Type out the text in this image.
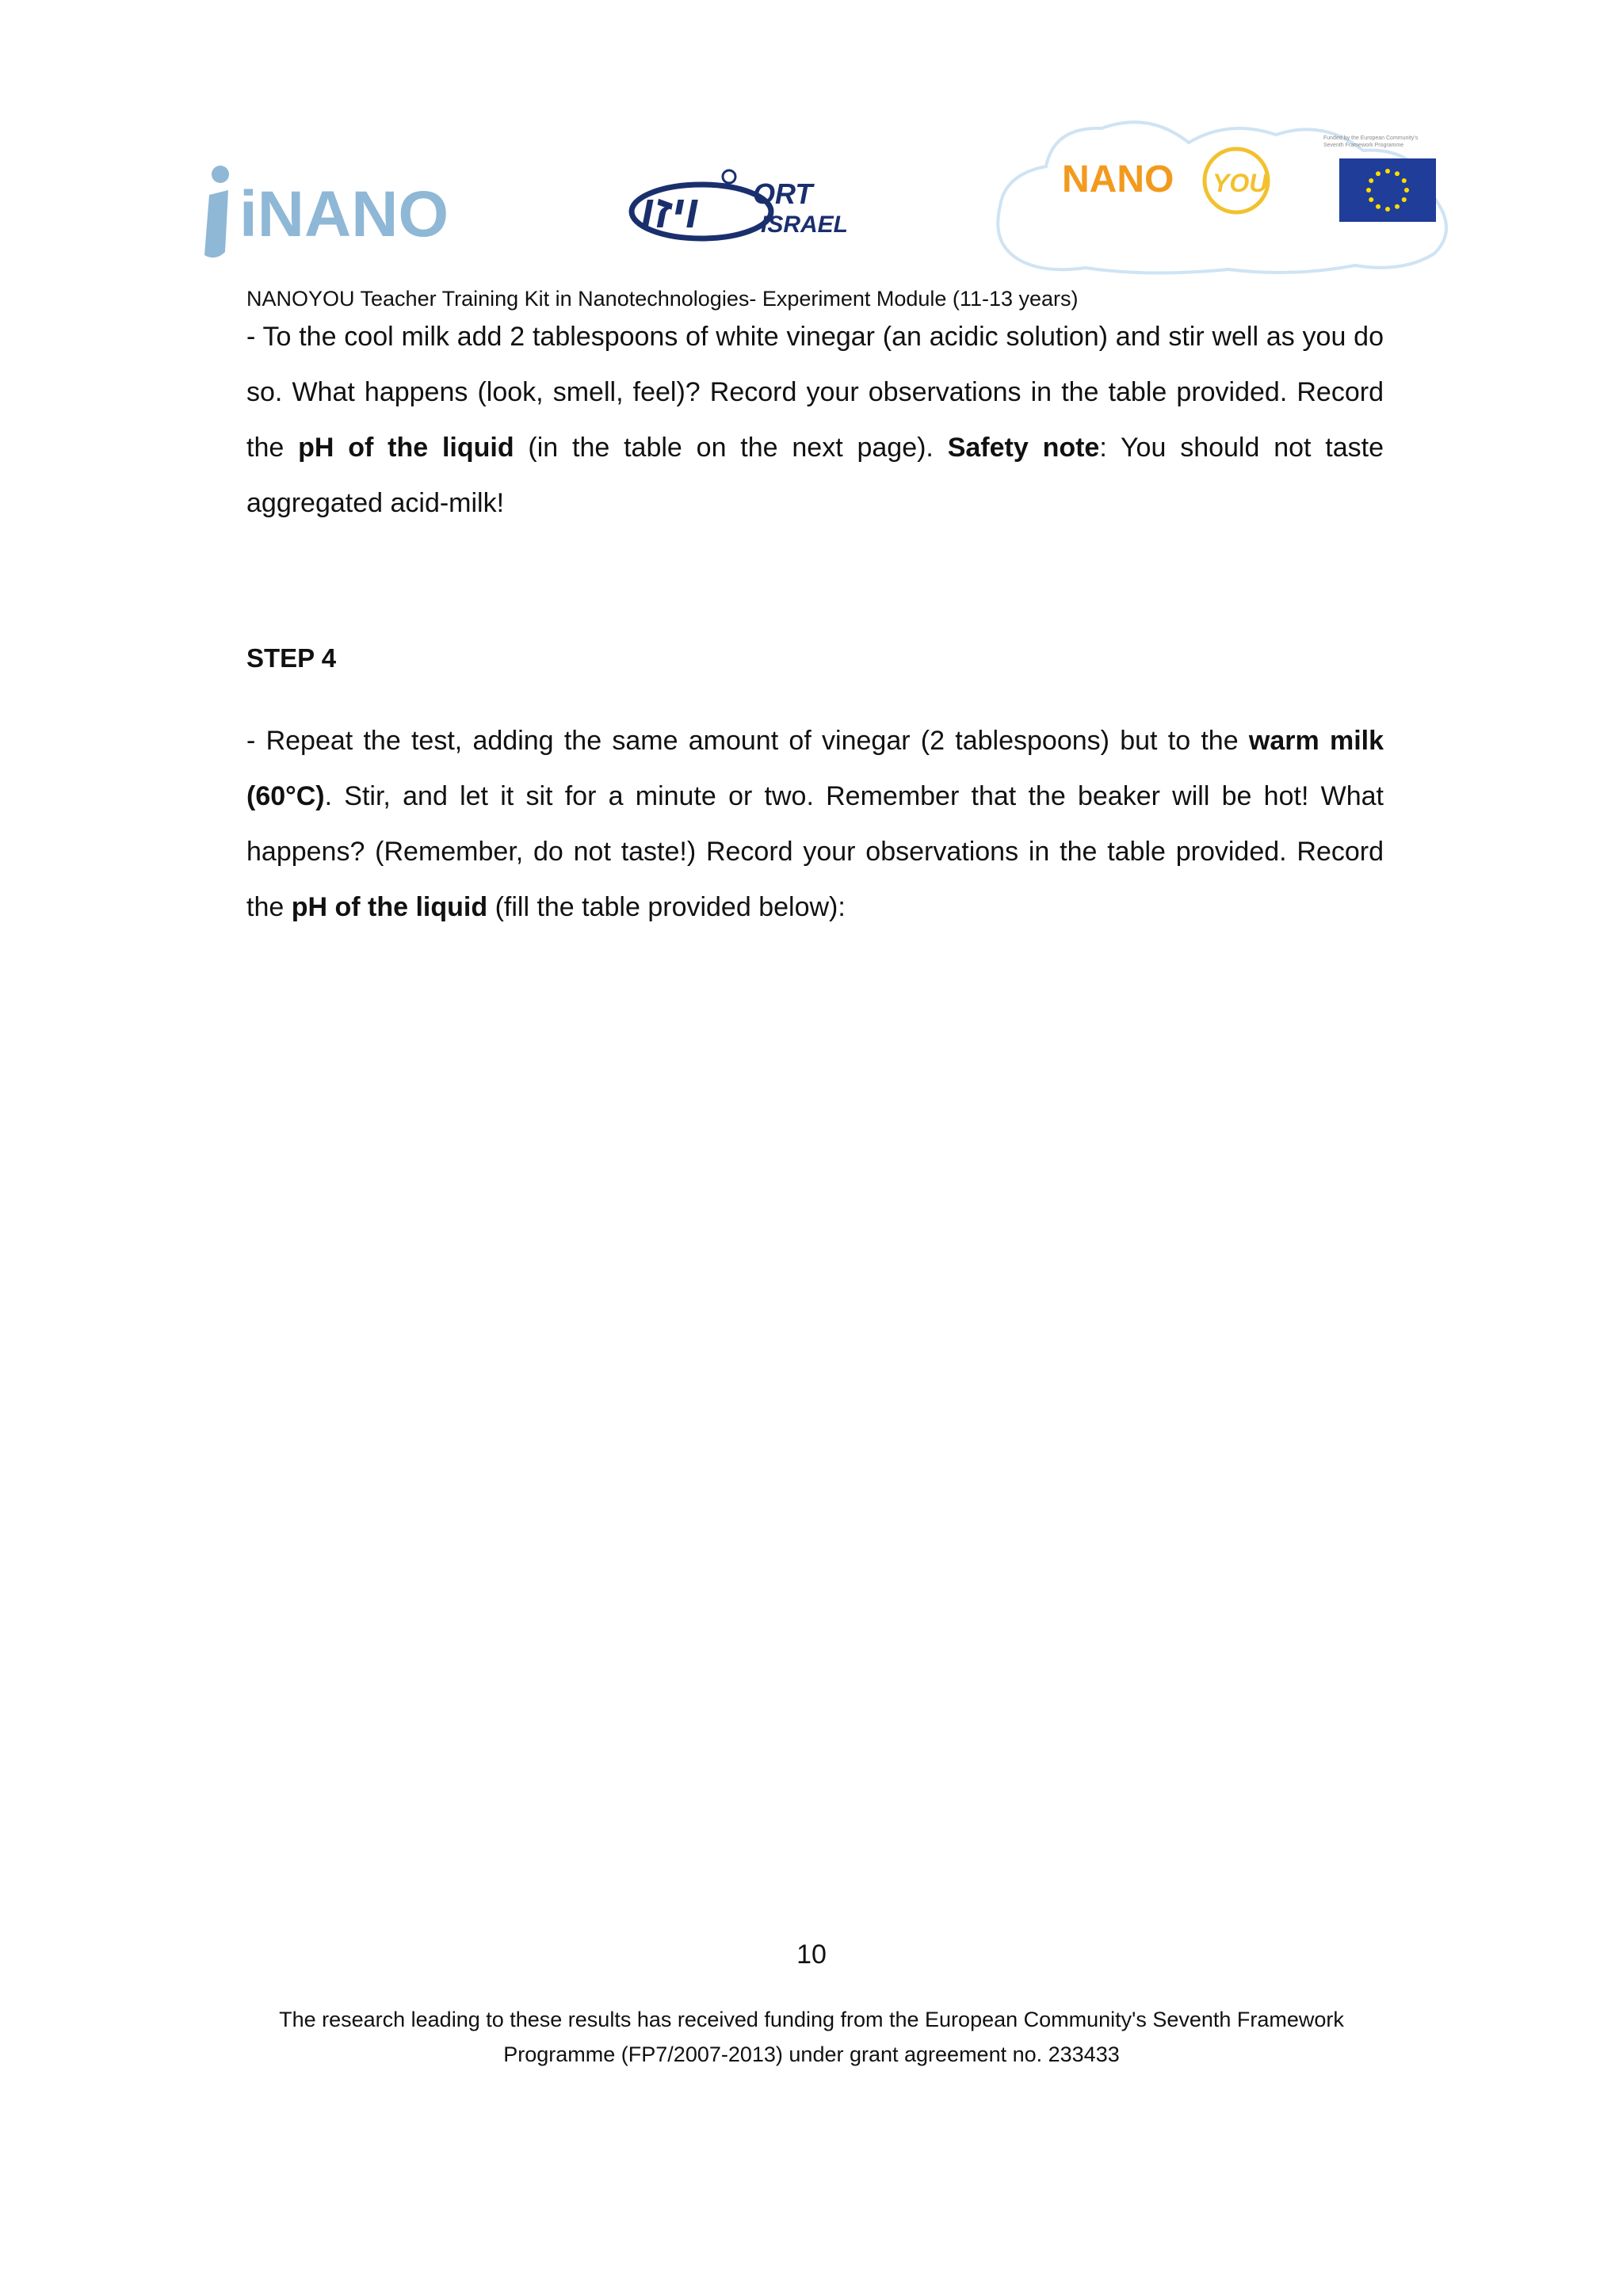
iNANO	ויזו ORT
ISRAEL
NANO YOU
Funded by the European Community's
Seventh Framework Programme
NANOYOU Teacher Training Kit in Nanotechnologies- Experiment Module (11-13 years)
- To the cool milk add 2 tablespoons of white vinegar (an acidic solution) and stir well as you do so. What happens (look, smell, feel)? Record your observations in the table provided. Record the pH of the liquid (in the table on the next page). Safety note: You should not taste aggregated acid-milk!
STEP 4
- Repeat the test, adding the same amount of vinegar (2 tablespoons) but to the warm milk (60°C). Stir, and let it sit for a minute or two. Remember that the beaker will be hot! What happens? (Remember, do not taste!) Record your observations in the table provided. Record the pH of the liquid (fill the table provided below):
10
The research leading to these results has received funding from the European Community's Seventh Framework
Programme (FP7/2007-2013) under grant agreement no. 233433
